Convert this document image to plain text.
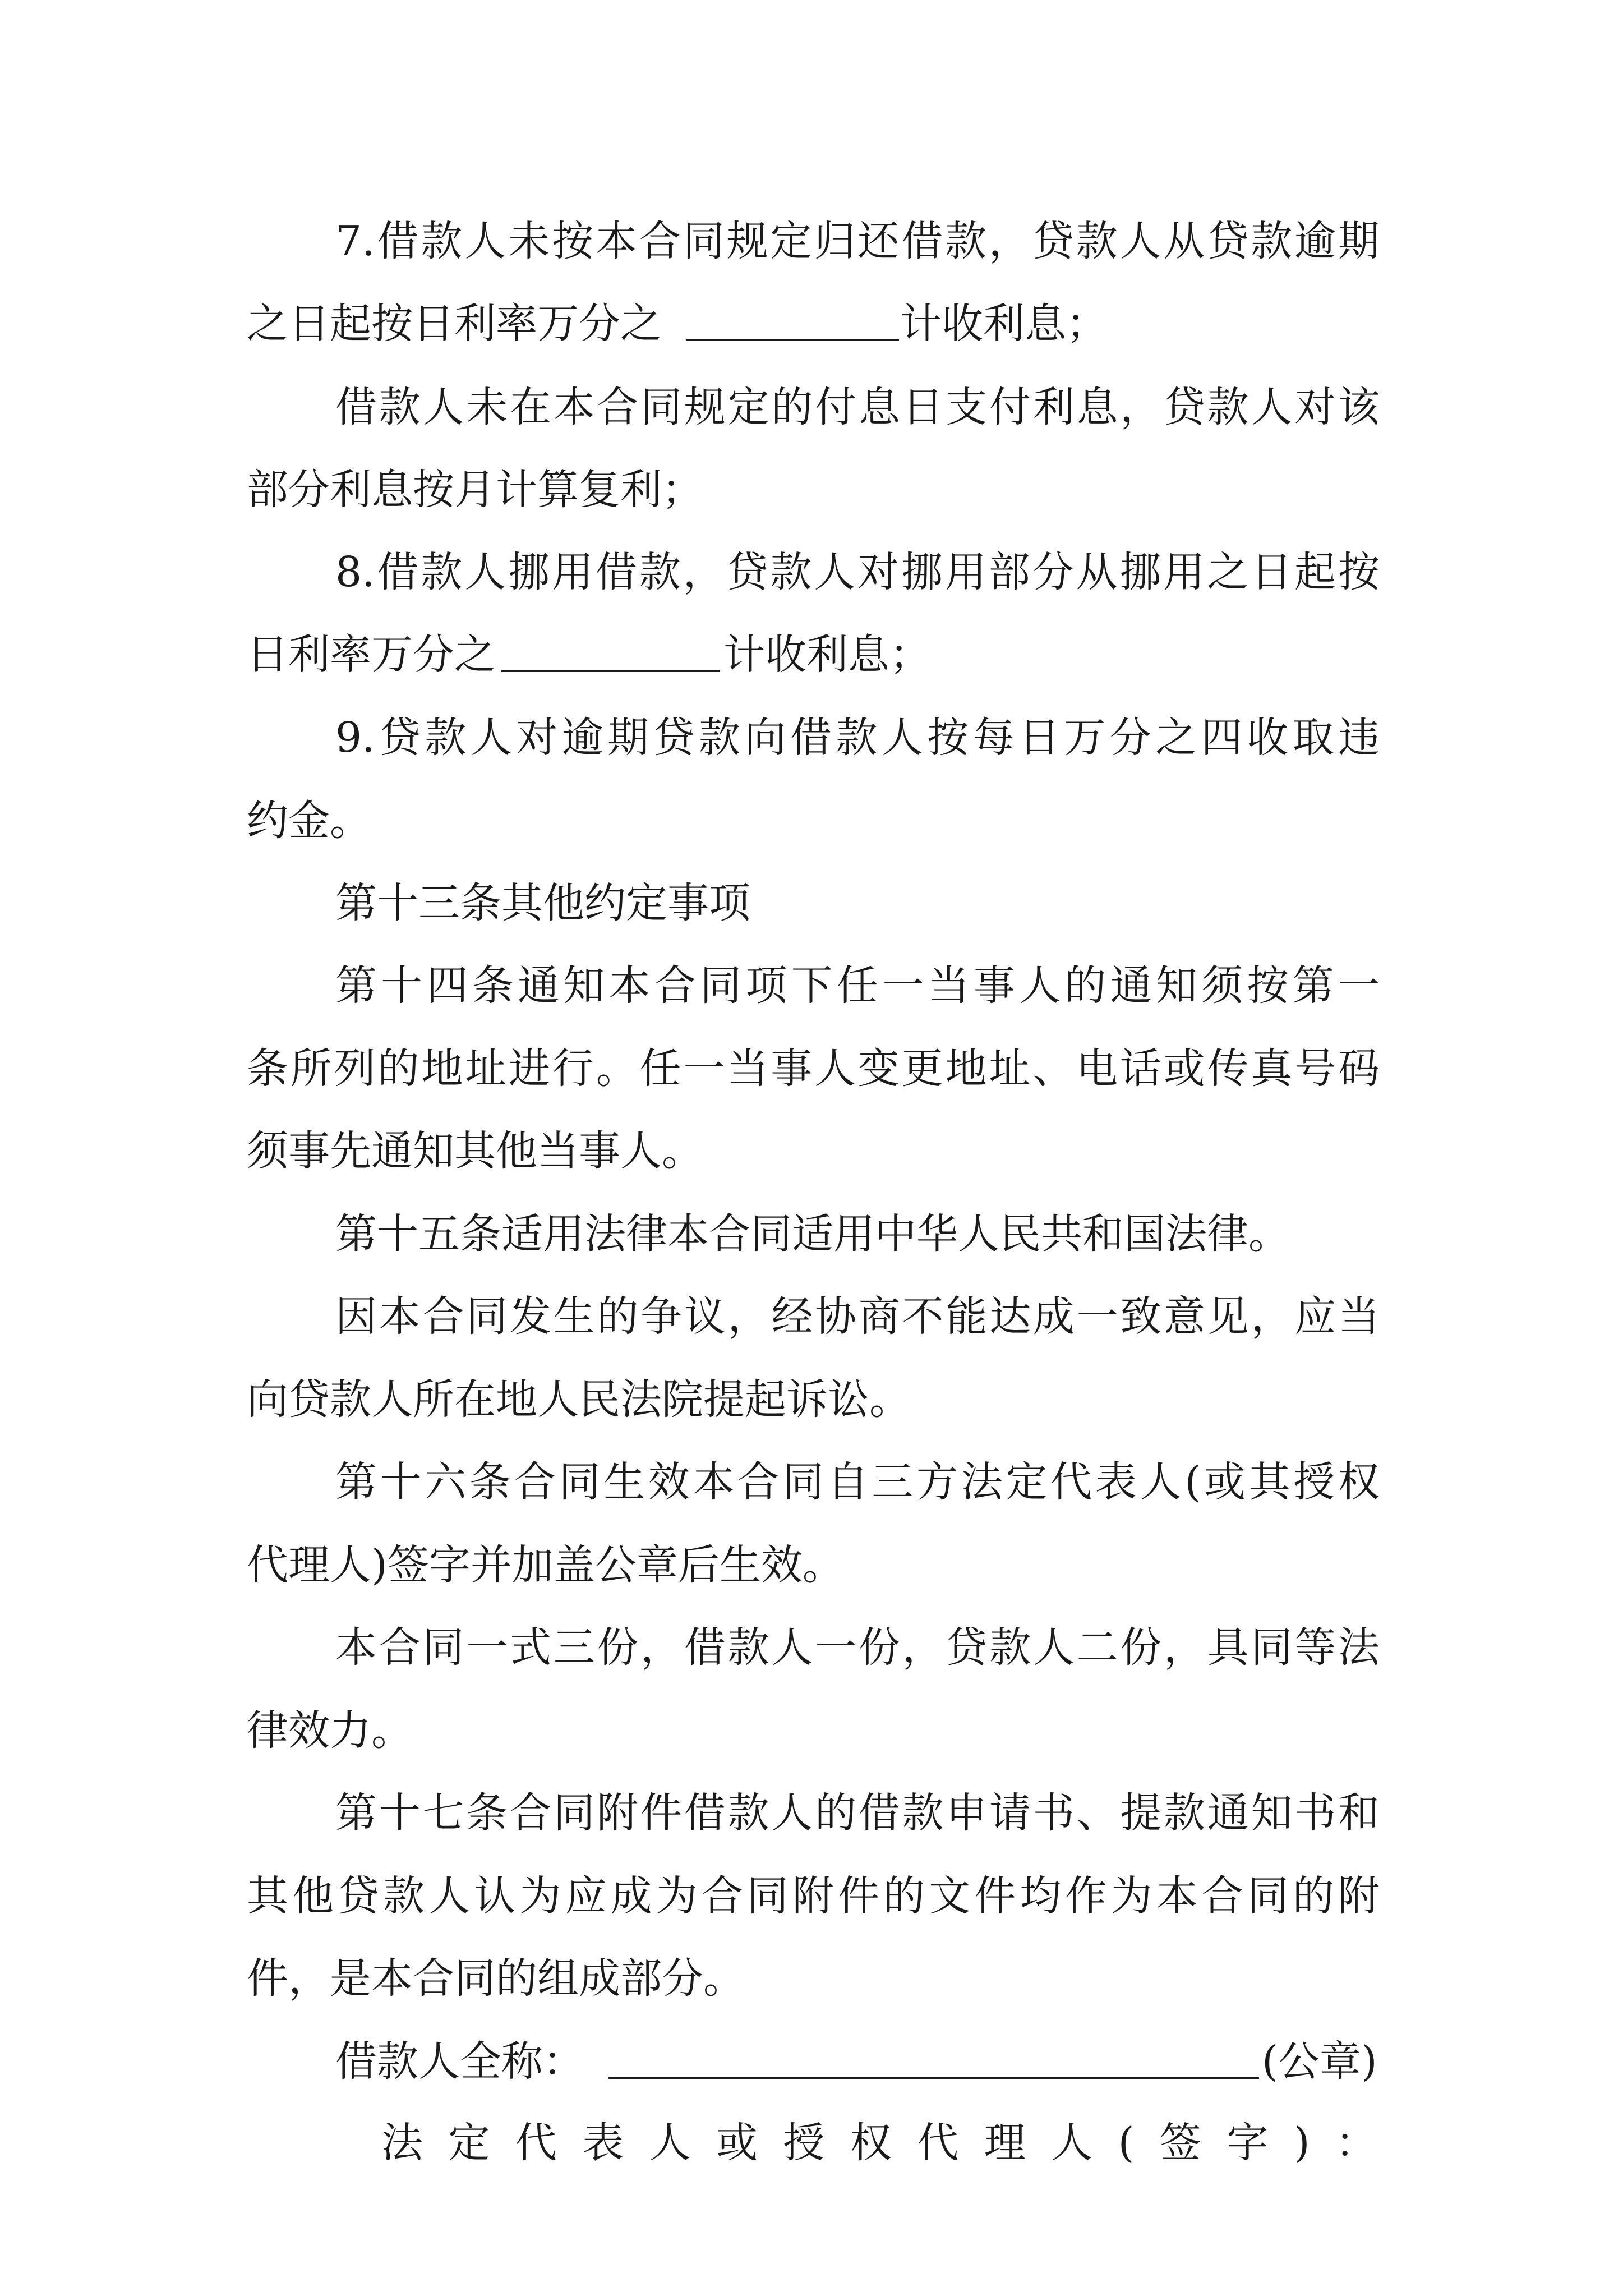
7.借款人未按本合同规定归还借款，贷款人从贷款逾期
之日起按日利率万分之	计收利息；
借款人未在本合同规定的付息日支付利息，贷款人对该
部分利息按月计算复利；
8.借款人挪用借款，贷款人对挪用部分从挪用之日起按
日利率万分之	计收利息；
9.贷款人对逾期贷款向借款人按每日万分之四收取违
约金。
第十三条其他约定事项
第十四条通知本合同项下任一当事人的通知须按第一
条所列的地址进行。任一当事人变更地址、电话或传真号码
须事先通知其他当事人。
第十五条适用法律本合同适用中华人民共和国法律。
因本合同发生的争议，经协商不能达成一致意见，应当
向贷款人所在地人民法院提起诉讼。
第十六条合同生效本合同自三方法定代表人(或其授权
代理人)签字并加盖公章后生效。
本合同一式三份，借款人一份，贷款人二份，具同等法
律效力。
第十七条合同附件借款人的借款申请书、提款通知书和
其他贷款人认为应成为合同附件的文件均作为本合同的附
件，是本合同的组成部分。
借款人全称：	(公章)
法定代表人或授权代理人(签字)：
